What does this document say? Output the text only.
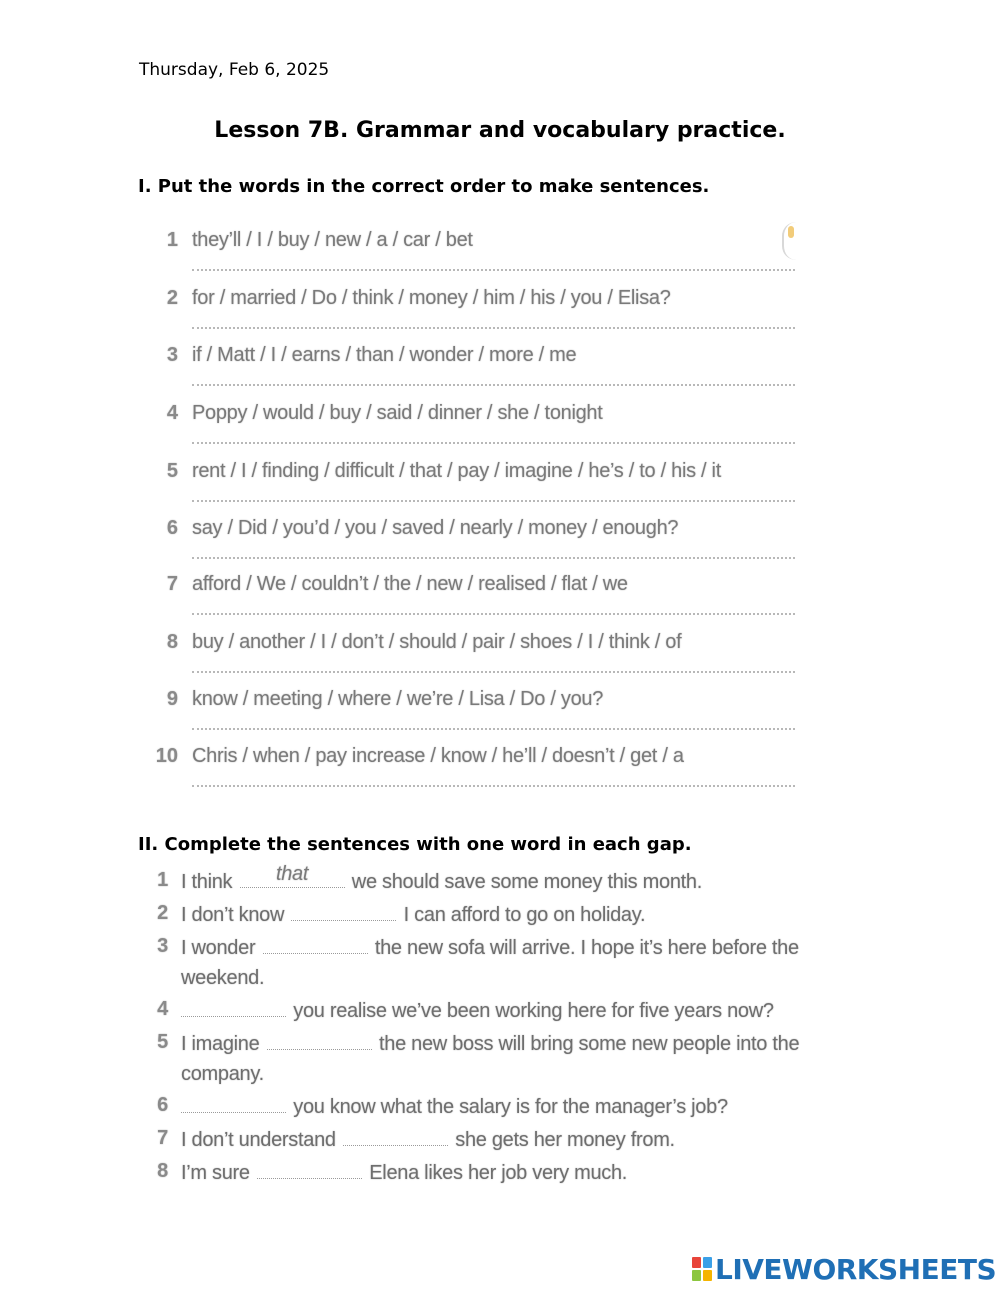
Thursday, Feb 6, 2025
Lesson 7B. Grammar and vocabulary practice.
I. Put the words in the correct order to make sentences.
1 they’ll / I / buy / new / a / car / bet
2 for / married / Do / think / money / him / his / you / Elisa?
3 if / Matt / I / earns / than / wonder / more / me
4 Poppy / would / buy / said / dinner / she / tonight
5 rent / I / finding / difficult / that / pay / imagine / he’s / to / his / it
6 say / Did / you’d / you / saved / nearly / money / enough?
7 afford / We / couldn’t / the / new / realised / flat / we
8 buy / another / I / don’t / should / pair / shoes / I / think / of
9 know / meeting / where / we’re / Lisa / Do / you?
10 Chris / when / pay increase / know / he’ll / doesn’t / get / a
II. Complete the sentences with one word in each gap.
1 I think	that	we should save some money this month.
2 I don’t know	I can afford to go on holiday.
3 I wonder	the new sofa will arrive. I hope it’s here before the weekend.
4	you realise we’ve been working here for five years now?
5 I imagine	the new boss will bring some new people into the company.
6	you know what the salary is for the manager’s job?
7 I don’t understand	she gets her money from.
8 I’m sure	Elena likes her job very much.
LIVEWORKSHEETS
